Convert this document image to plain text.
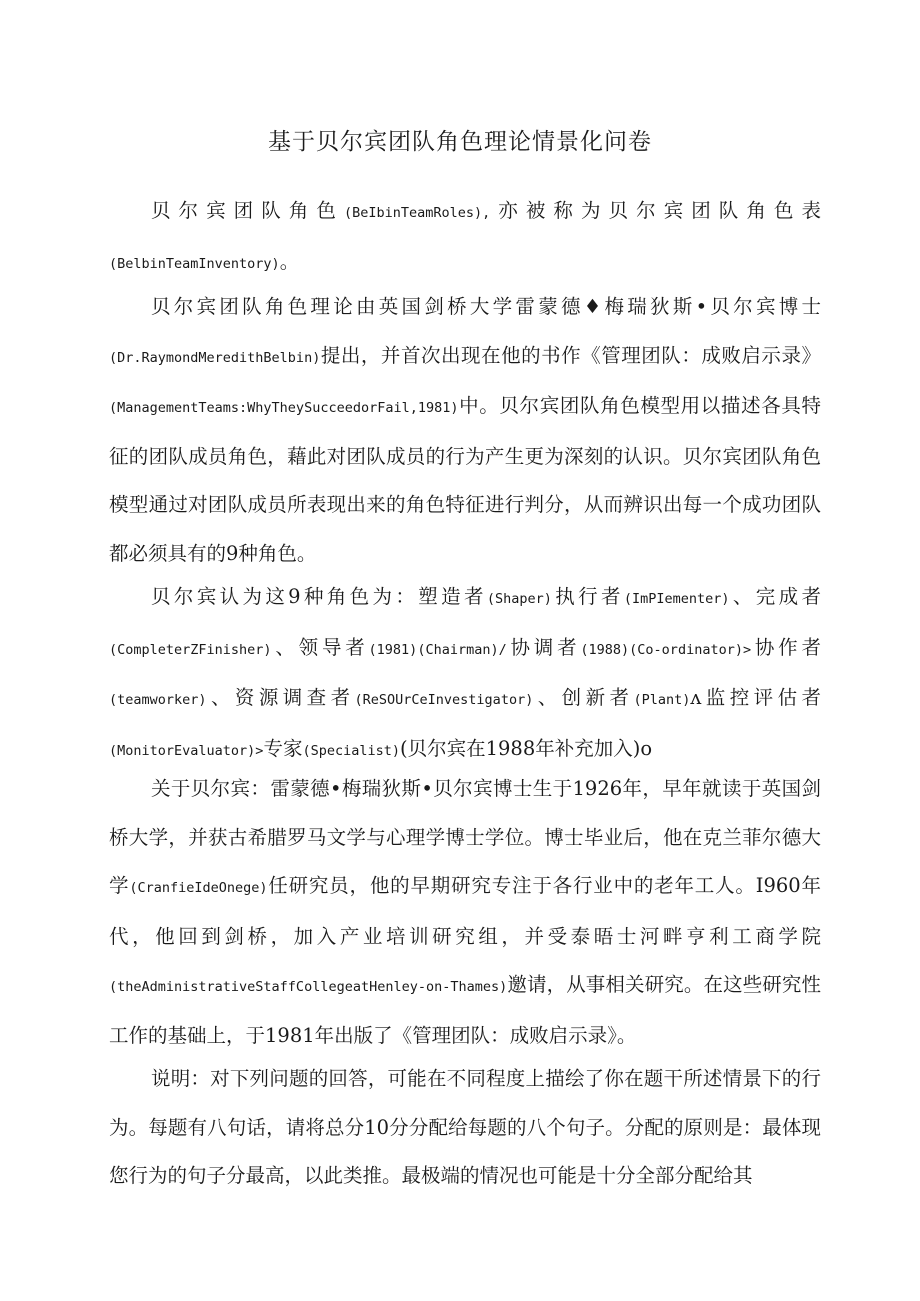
基于贝尔宾团队角色理论情景化问卷

贝尔宾团队角色(BeIbinTeamRoles),亦被称为贝尔宾团队角色表(BelbinTeamInventory)。

贝尔宾团队角色理论由英国剑桥大学雷蒙德♦梅瑞狄斯•贝尔宾博士(Dr.RaymondMeredithBelbin)提出，并首次出现在他的书作《管理团队：成败启示录》(ManagementTeams:WhyTheySucceedorFail,1981)中。贝尔宾团队角色模型用以描述各具特征的团队成员角色，藉此对团队成员的行为产生更为深刻的认识。贝尔宾团队角色模型通过对团队成员所表现出来的角色特征进行判分，从而辨识出每一个成功团队都必须具有的9种角色。

贝尔宾认为这9种角色为：塑造者(Shaper)执行者(ImPIementer)、完成者(CompleterZFinisher)、领导者(1981)(Chairman)/协调者(1988)(Co-ordinator)>协作者(teamworker)、资源调查者(ReSOUrCeInvestigator)、创新者(Plant)ʌ监控评估者(MonitorEvaluator)>专家(Specialist)(贝尔宾在1988年补充加入)o

关于贝尔宾：雷蒙德•梅瑞狄斯•贝尔宾博士生于1926年，早年就读于英国剑桥大学，并获古希腊罗马文学与心理学博士学位。博士毕业后，他在克兰菲尔德大学(CranfieIdeOnege)任研究员，他的早期研究专注于各行业中的老年工人。I960年代，他回到剑桥，加入产业培训研究组，并受泰晤士河畔亨利工商学院(theAdministrativeStaffCollegeatHenley-on-Thames)邀请，从事相关研究。在这些研究性工作的基础上，于1981年出版了《管理团队：成败启示录》。

说明：对下列问题的回答，可能在不同程度上描绘了你在题干所述情景下的行为。每题有八句话，请将总分10分分配给每题的八个句子。分配的原则是：最体现您行为的句子分最高，以此类推。最极端的情况也可能是十分全部分配给其
